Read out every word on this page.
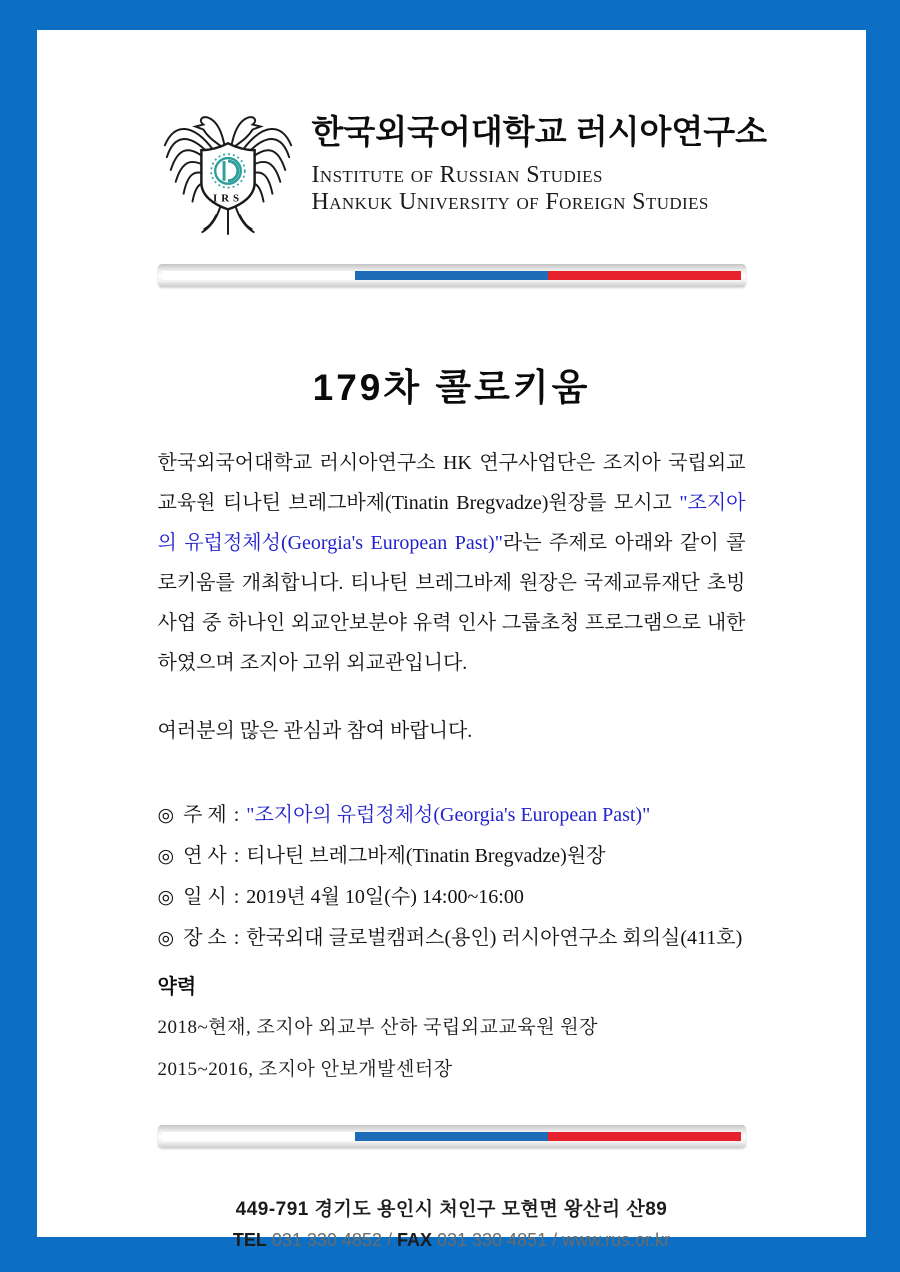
IRS
한국외국어대학교 러시아연구소
Institute of Russian Studies
Hankuk University of Foreign Studies
179차 콜로키움

한국외국어대학교 러시아연구소 HK 연구사업단은 조지아 국립외교교육원 티나틴 브레그바제(Tinatin Bregvadze)원장를 모시고 "조지아의 유럽정체성(Georgia's European Past)"라는 주제로 아래와 같이 콜로키움를 개최합니다. 티나틴 브레그바제 원장은 국제교류재단 초빙사업 중 하나인 외교안보분야 유력 인사 그룹초청 프로그램으로 내한하였으며 조지아 고위 외교관입니다.

여러분의 많은 관심과 참여 바랍니다.

◎ 주 제 : "조지아의 유럽정체성(Georgia's European Past)"
◎ 연 사 : 티나틴 브레그바제(Tinatin Bregvadze)원장
◎ 일 시 : 2019년 4월 10일(수) 14:00~16:00
◎ 장 소 : 한국외대 글로벌캠퍼스(용인) 러시아연구소 회의실(411호)
약력
2018~현재, 조지아 외교부 산하 국립외교교육원 원장
2015~2016, 조지아 안보개발센터장
449-791 경기도 용인시 처인구 모현면 왕산리 산89
TEL 031 330 4852 / FAX 031 330 4851 / www.rus.or.kr
